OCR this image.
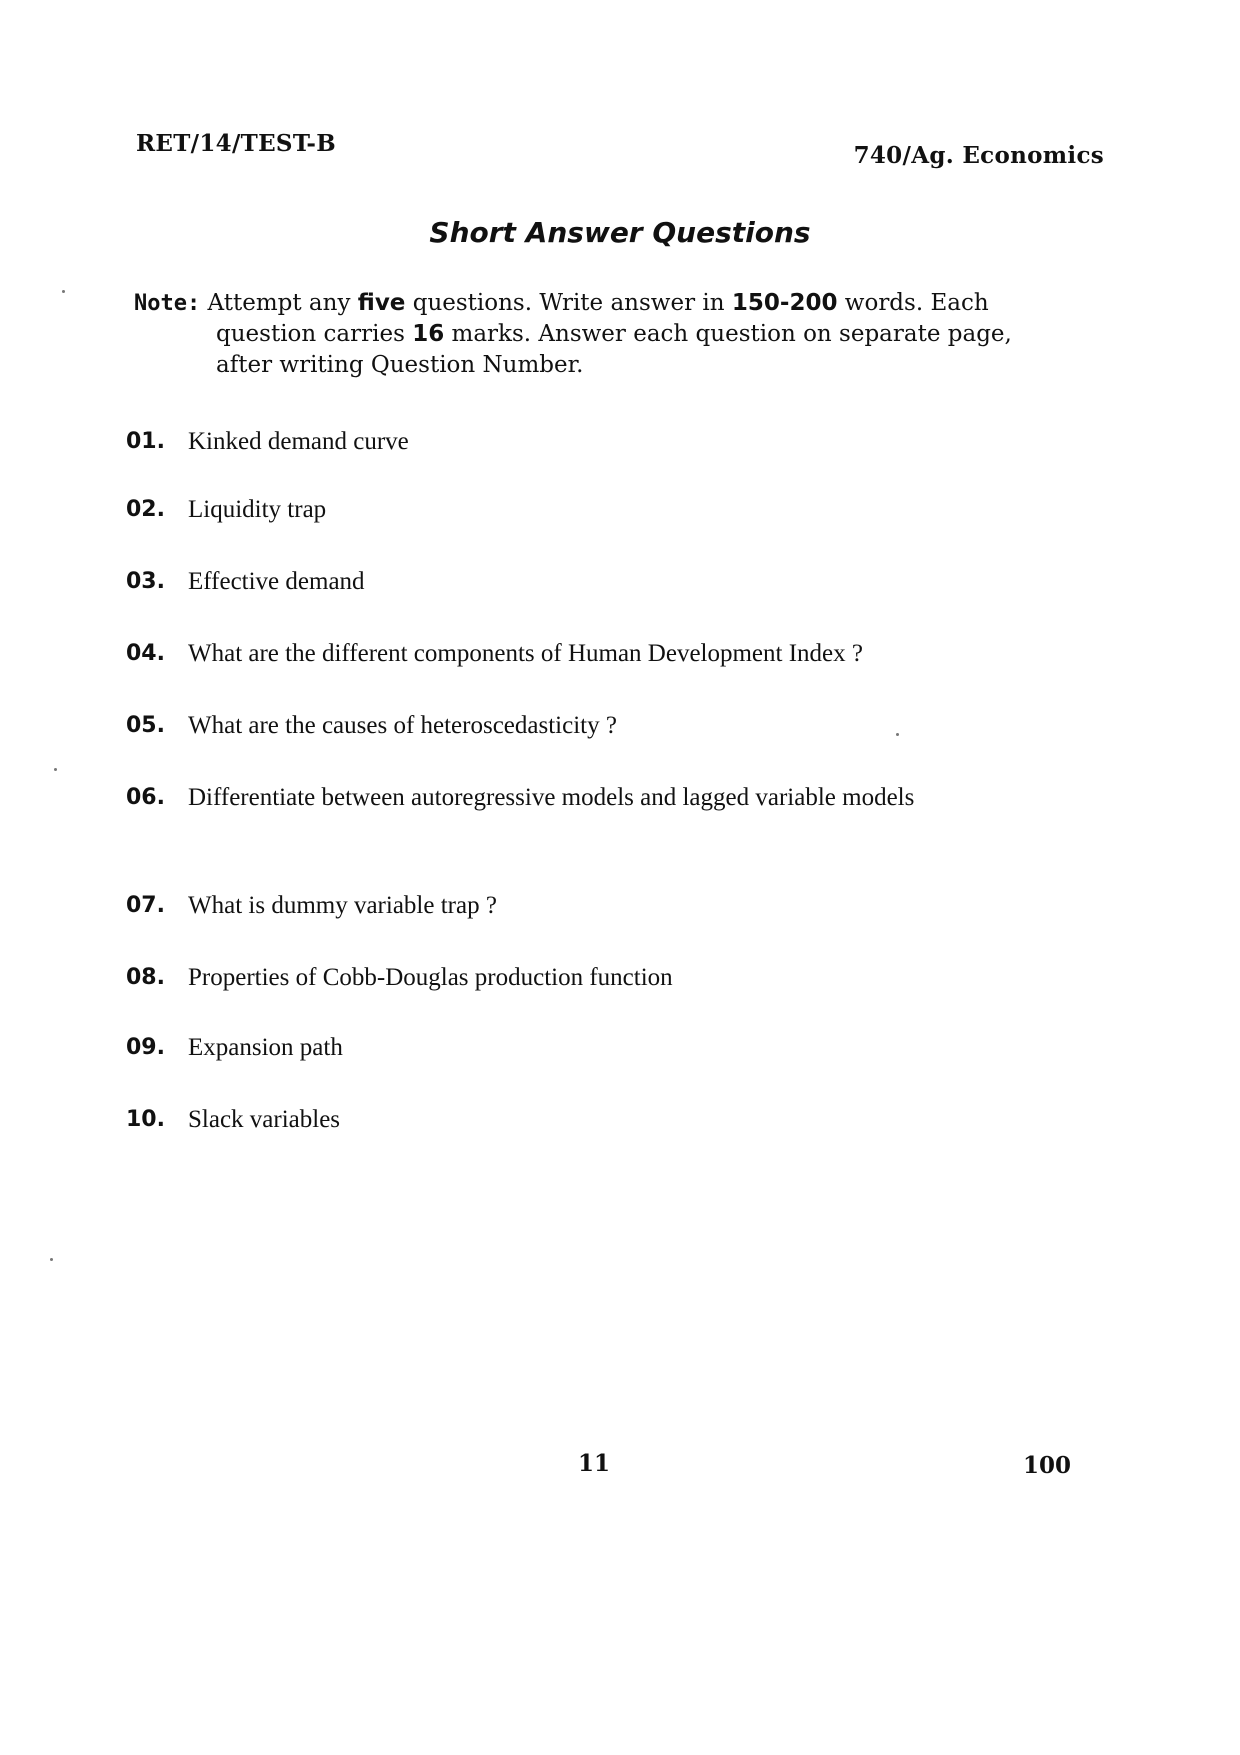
RET/14/TEST-B	740/Ag. Economics
Short Answer Questions
Note: Attempt any five questions. Write answer in 150-200 words. Each
question carries 16 marks. Answer each question on separate page,
after writing Question Number.
01. Kinked demand curve
02. Liquidity trap
03. Effective demand
04. What are the different components of Human Development Index ?
05. What are the causes of heteroscedasticity ?
06. Differentiate between autoregressive models and lagged variable models
07. What is dummy variable trap ?
08. Properties of Cobb-Douglas production function
09. Expansion path
10. Slack variables
11	100
